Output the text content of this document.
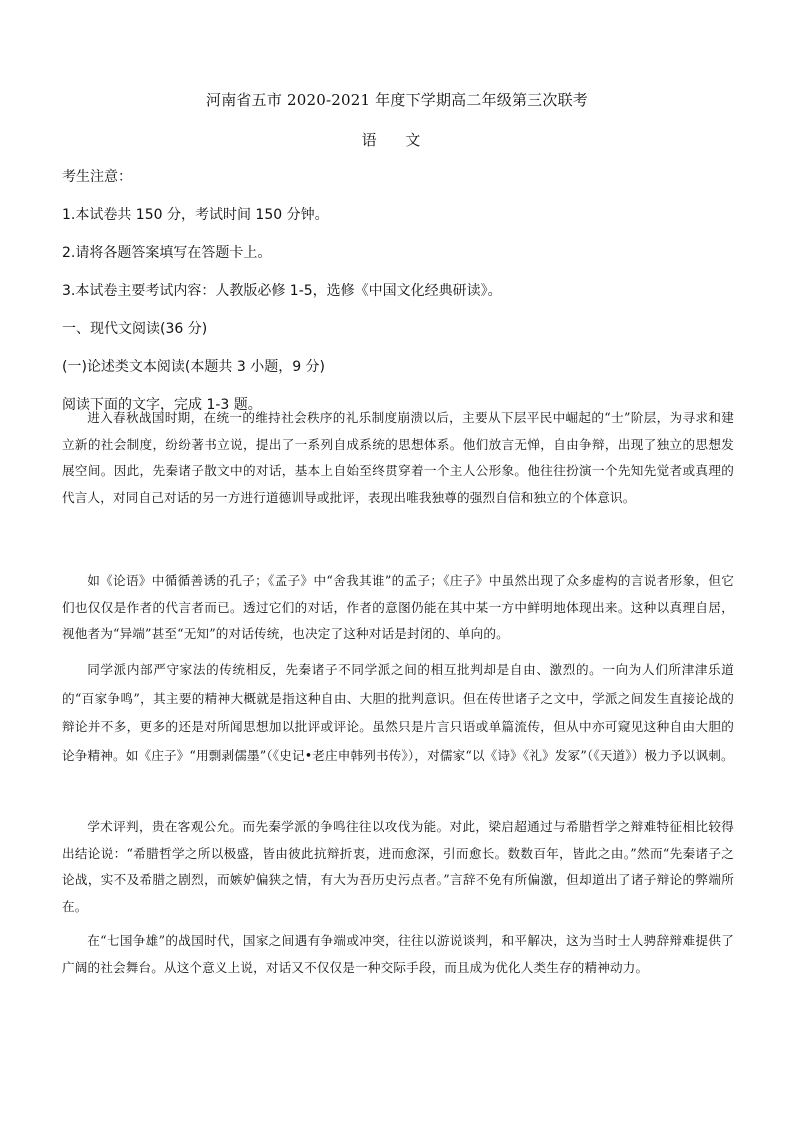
河南省五市 2020-2021 年度下学期高二年级第三次联考
语 文
考生注意：
1.本试卷共 150 分，考试时间 150 分钟。
2.请将各题答案填写在答题卡上。
3.本试卷主要考试内容：人教版必修 1-5，选修《中国文化经典研读》。
一、现代文阅读(36 分)
(一)论述类文本阅读(本题共 3 小题，9 分)
阅读下面的文字，完成 1-3 题。
进入春秋战国时期，在统一的维持社会秩序的礼乐制度崩溃以后，主要从下层平民中崛起的“士”阶层，为寻求和建立新的社会制度，纷纷著书立说，提出了一系列自成系统的思想体系。他们放言无惮，自由争辩，出现了独立的思想发展空间。因此，先秦诸子散文中的对话，基本上自始至终贯穿着一个主人公形象。他往往扮演一个先知先觉者或真理的代言人，对同自己对话的另一方进行道德训导或批评，表现出唯我独尊的强烈自信和独立的个体意识。
如《论语》中循循善诱的孔子；《孟子》中“舍我其谁”的孟子；《庄子》中虽然出现了众多虚构的言说者形象，但它们也仅仅是作者的代言者而已。透过它们的对话，作者的意图仍能在其中某一方中鲜明地体现出来。这种以真理自居，视他者为“异端”甚至“无知”的对话传统，也决定了这种对话是封闭的、单向的。
同学派内部严守家法的传统相反，先秦诸子不同学派之间的相互批判却是自由、激烈的。一向为人们所津津乐道的“百家争鸣”，其主要的精神大概就是指这种自由、大胆的批判意识。但在传世诸子之文中，学派之间发生直接论战的辩论并不多，更多的还是对所闻思想加以批评或评论。虽然只是片言只语或单篇流传，但从中亦可窥见这种自由大胆的论争精神。如《庄子》“用剽剥儒墨”（《史记•老庄申韩列书传》），对儒家“以《诗》《礼》发冢”（《天道》）极力予以讽刺。
学术评判，贵在客观公允。而先秦学派的争鸣往往以攻伐为能。对此，梁启超通过与希腊哲学之辩难特征相比较得出结论说：“希腊哲学之所以极盛，皆由彼此抗辩折衷，进而愈深，引而愈长。数数百年，皆此之由。”然而“先秦诸子之论战，实不及希腊之剧烈，而嫉妒偏狭之情，有大为吾历史污点者。”言辞不免有所偏激，但却道出了诸子辩论的弊端所在。
在“七国争雄”的战国时代，国家之间遇有争端或冲突，往往以游说谈判，和平解决，这为当时士人骋辞辩难提供了广阔的社会舞台。从这个意义上说，对话又不仅仅是一种交际手段，而且成为优化人类生存的精神动力。
